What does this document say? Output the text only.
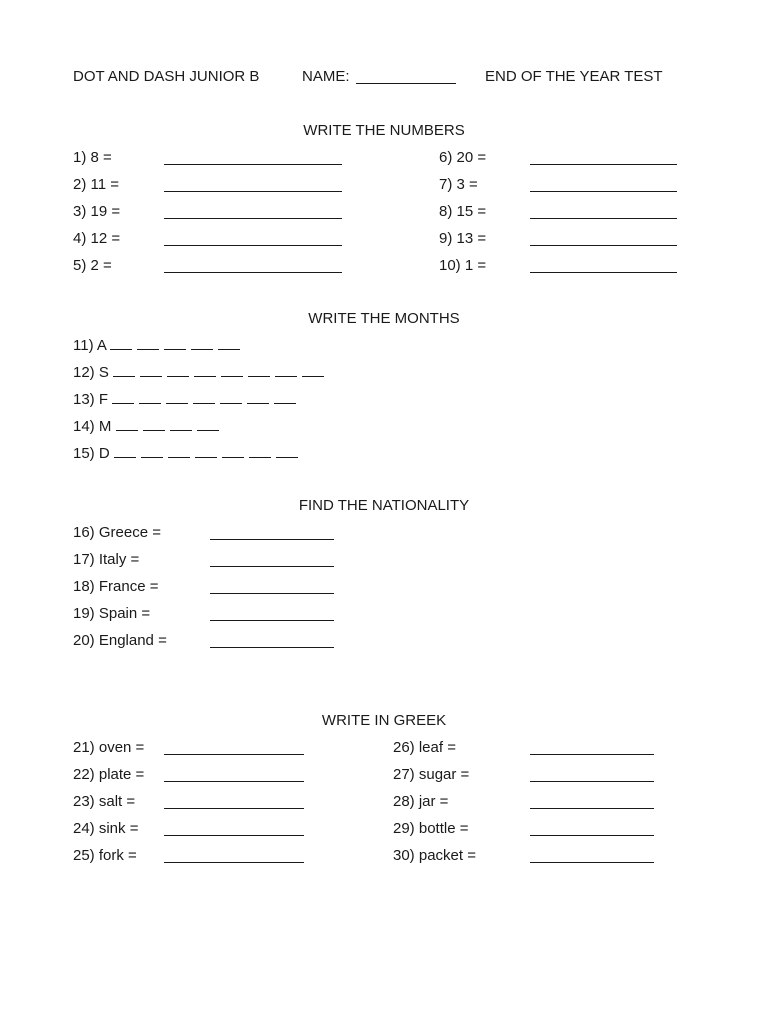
DOT AND DASH JUNIOR B	NAME:	END OF THE YEAR TEST
WRITE THE NUMBERS
1) 8 =
2) 11 =
3) 19 =
4) 12 =
5) 2 =
6) 20 =
7) 3 =
8) 15 =
9) 13 =
10) 1 =
WRITE THE MONTHS
11) A
12) S
13) F
14) M
15) D
FIND THE NATIONALITY
16) Greece =
17) Italy =
18) France =
19) Spain =
20) England =
WRITE IN GREEK
21) oven =
22) plate =
23) salt =
24) sink =
25) fork =
26) leaf =
27) sugar =
28) jar =
29) bottle =
30) packet =
